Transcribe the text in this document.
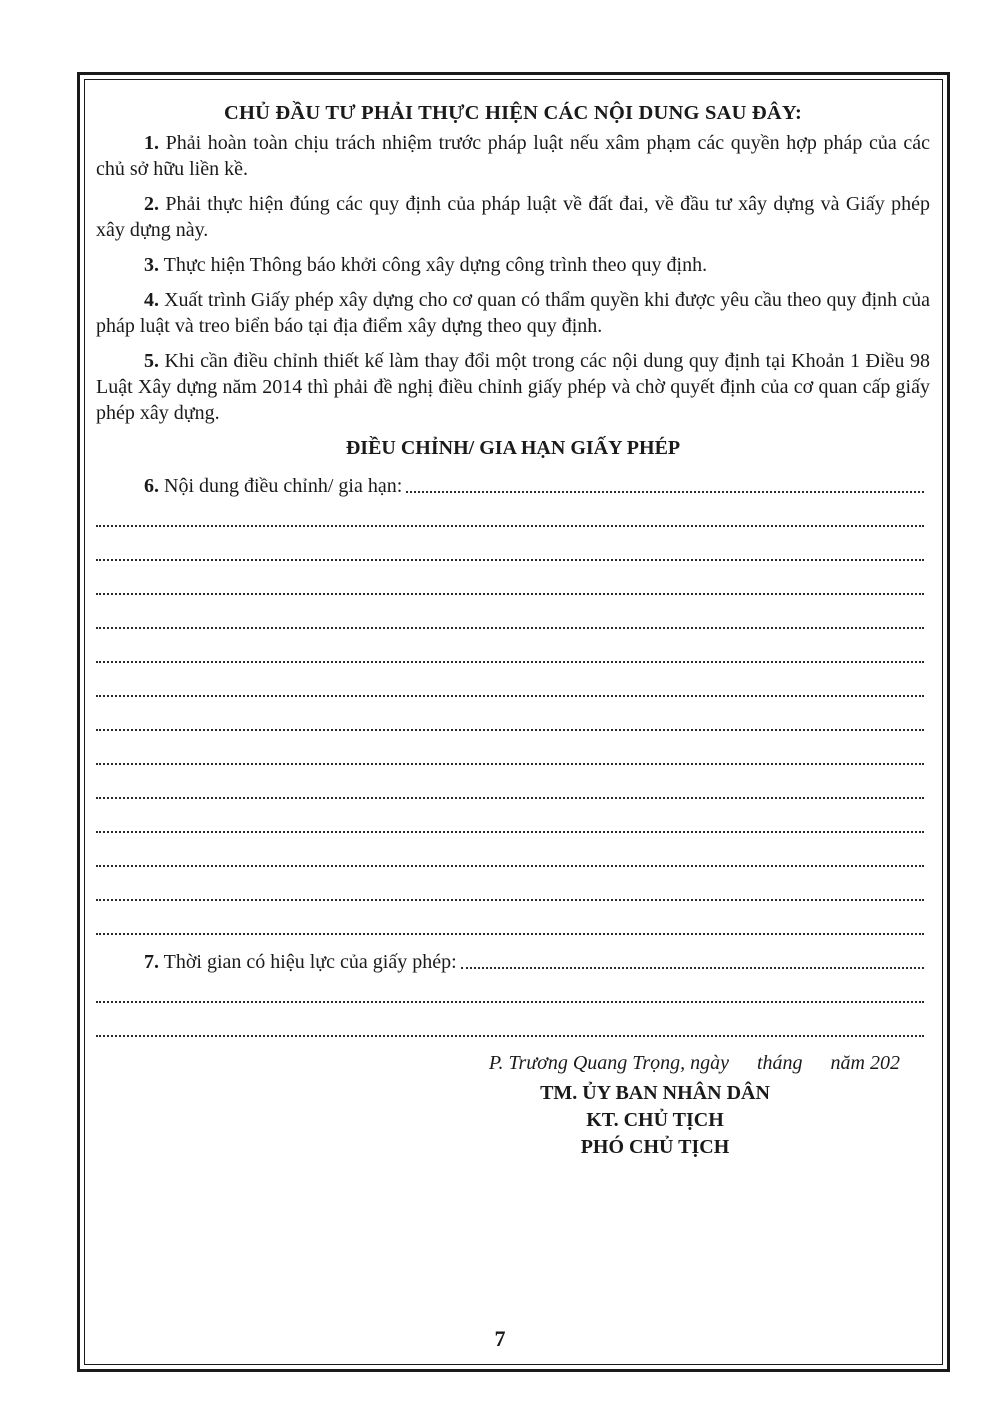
CHỦ ĐẦU TƯ PHẢI THỰC HIỆN CÁC NỘI DUNG SAU ĐÂY:

1. Phải hoàn toàn chịu trách nhiệm trước pháp luật nếu xâm phạm các quyền hợp pháp của các chủ sở hữu liền kề.

2. Phải thực hiện đúng các quy định của pháp luật về đất đai, về đầu tư xây dựng và Giấy phép xây dựng này.

3. Thực hiện Thông báo khởi công xây dựng công trình theo quy định.

4. Xuất trình Giấy phép xây dựng cho cơ quan có thẩm quyền khi được yêu cầu theo quy định của pháp luật và treo biển báo tại địa điểm xây dựng theo quy định.

5. Khi cần điều chỉnh thiết kế làm thay đổi một trong các nội dung quy định tại Khoản 1 Điều 98 Luật Xây dựng năm 2014 thì phải đề nghị điều chỉnh giấy phép và chờ quyết định của cơ quan cấp giấy phép xây dựng.

ĐIỀU CHỈNH/ GIA HẠN GIẤY PHÉP
6. Nội dung điều chỉnh/ gia hạn:
7. Thời gian có hiệu lực của giấy phép:
P. Trương Quang Trọng, ngày tháng năm 202
TM. ỦY BAN NHÂN DÂN
KT. CHỦ TỊCH
PHÓ CHỦ TỊCH
7
